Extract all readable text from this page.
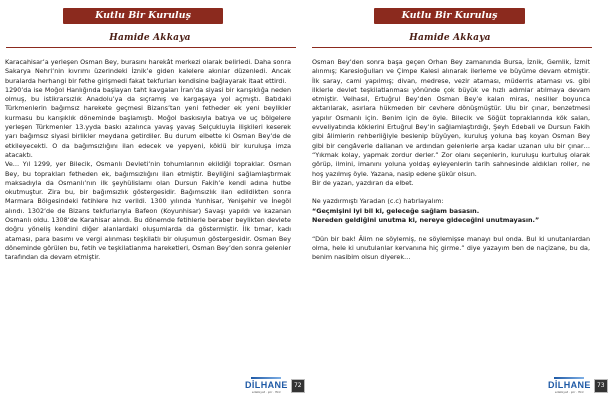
Kutlu Bir Kuruluş
Hamide Akkaya

Karacahisar’a yerleşen Osman Bey, burasını harekât merkezi olarak belirledi. Daha sonra Sakarya Nehri’nin kıvrımı üzerindeki İznik’e giden kalelere akınlar düzenledi. Ancak buralarda herhangi bir fethe girişmedi fakat tekfurları kendisine bağlayarak itaat ettirdi.

1290’da ise Moğol Hanlığında başlayan taht kavgaları İran’da siyasi bir karışıklığa neden olmuş, bu istikrarsızlık Anadolu’ya da sıçramış ve kargaşaya yol açmıştı. Batıdaki Türkmenlerin bağımsız harekete geçmesi Bizans’tan yeni fetheder ek yeni beylikler kurmasu bu karışıklık döneminde başlamıştı. Moğol baskısıyla batıya ve uç bölgelere yerleşen Türkmenler 13.yyda baskı azalınca yavaş yavaş Selçukluyla ilişkileri keserek yarı bağımsız siyasi birlikler meydana getirdiler. Bu durum elbette ki Osman Bey’de de etkileyecekti. O da bağımsızlığını ilan edecek ve yepyeni, köklü bir kuruluşa imza atacaktı.

Ve… Yıl 1299, yer Bilecik, Osmanlı Devleti’nin tohumlarının ekildiği topraklar. Osman Bey, bu toprakları fetheden ek, bağımsızlığını ilan etmiştir. Beyliğini sağlamlaştırmak maksadıyla da Osmanlı’nın ilk şeyhülislamı olan Dursun Fakih’e kendi adına hutbe okutmuştur. Zira bu, bir bağımsızlık göstergesidir. Bağımsızlık ilan edildikten sonra Marmara Bölgesindeki fetihlere hız verildi. 1300 yılında Yunhisar, Yenişehir ve İnegöl alındı. 1302’de de Bizans tekfurlarıyla Bafeon (Koyunhisar) Savaşı yapıldı ve kazanan Osmanlı oldu. 1308’de Karahisar alındı. Bu dönemde fetihlerle beraber beylikten devlete doğru yöneliş kendini diğer alanlardaki oluşumlarda da göstermiştir. İlk tımar, kadı ataması, para basımı ve vergi alınması teşkilatlı bir oluşumun göstergesidir. Osman Bey döneminde görülen bu, fetih ve teşkilatlanma hareketleri, Osman Bey’den sonra gelenler tarafından da devam etmiştir.

DİLHANE
edebiyat · şiir · fikir
72
Kutlu Bir Kuruluş
Hamide Akkaya

Osman Bey’den sonra başa geçen Orhan Bey zamanında Bursa, İznik, Gemlik, İzmit alınmış; Karesioğulları ve Çimpe Kalesi alınarak ilerleme ve büyüme devam etmiştir. İlk saray, cami yapılmış; divan, medrese, vezir ataması, müderris ataması vs. gibi ilklerle devlet teşkilatlanması yönünde çok büyük ve hızlı adımlar atılmaya devam etmiştir. Velhasıl, Ertuğrul Bey’den Osman Bey’e kalan miras, nesiller boyunca aktarılarak, asırlara hükmeden bir cevhere dönüşmüştür. Ulu bir çınar, benzetmesi yapılır Osmanlı için. Benim için de öyle. Bilecik ve Söğüt topraklarında kök salan, evveliyatında köklerini Ertuğrul Bey’in sağlamlaştırdığı, Şeyh Edebali ve Dursun Fakih gibi âlimlerin rehberliğiyle beslenip büyüyen, kuruluş yoluna baş koyan Osman Bey gibi bir cengâverle dallanan ve ardından gelenlerle arşa kadar uzanan ulu bir çınar… “Yıkmak kolay, yapmak zordur derler.” Zor olanı seçenlerin, kuruluşu kurtuluş olarak görüp, ilmini, imanını yoluna yoldaş eyleyenlerin tarih sahnesinde aldıkları roller, ne hoş yazılmış öyle. Yazana, nasip edene şükür olsun.

Bir de yazan, yazdıran da elbet.

Ne yazdırmıştı Yaradan (c.c) hatırlayalım:

“Geçmişini iyi bil ki, geleceğe sağlam basasın.

Nereden geldiğini unutma ki, nereye gideceğini unutmayasın.”

“Dün bir bak! Âlim ne söylemiş, ne söylemişse manayı bul onda. Bul ki unutanlardan olma, hele ki unutulanlar kervanına hiç girme.” diye yazayım ben de naçizane, bu da, benim nasibim olsun diyerek…

DİLHANE
edebiyat · şiir · fikir
73
